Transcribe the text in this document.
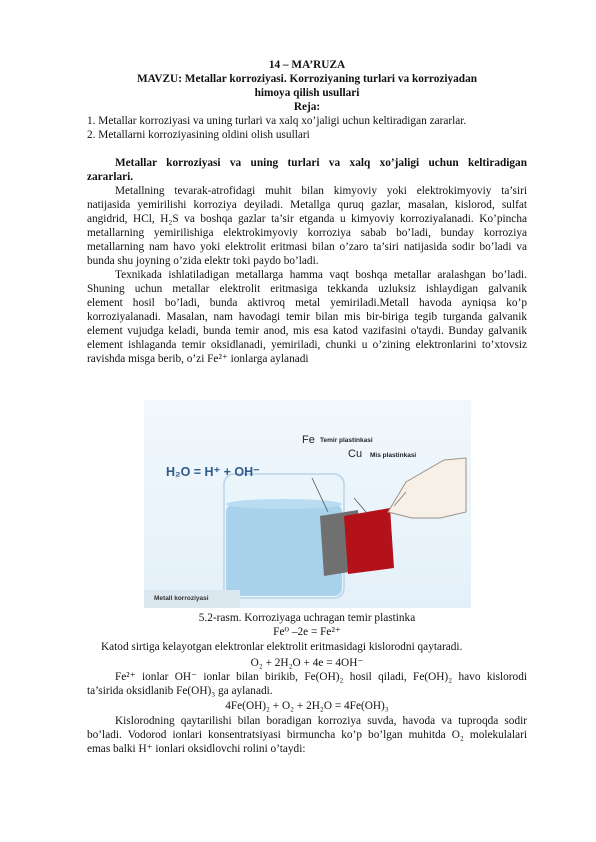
14 – MA’RUZA
MAVZU: Metallar korroziyasi. Korroziyaning turlari va korroziyadan
himoya qilish usullari
Reja:
1. Metallar korroziyasi va uning turlari va xalq xo’jaligi uchun keltiradigan zararlar.
2. Metallarni korroziyasining oldini olish usullari
Metallar korroziyasi va uning turlari va xalq xo’jaligi uchun keltiradigan
zararlari.
Metallning tevarak-atrofidagi muhit bilan kimyoviy yoki elektrokimyoviy ta’siri
natijasida yemirilishi korroziya deyiladi. Metallga quruq gazlar, masalan, kislorod, sulfat
angidrid, HCl, H₂S va boshqa gazlar ta’sir etganda u kimyoviy korroziyalanadi. Ko’pincha
metallarning yemirilishiga elektrokimyoviy korroziya sabab bo’ladi, bunday korroziya
metallarning nam havo yoki elektrolit eritmasi bilan o’zaro ta’siri natijasida sodir bo’ladi va
bunda shu joyning o’zida elektr toki paydo bo’ladi.
Texnikada ishlatiladigan metallarga hamma vaqt boshqa metallar aralashgan bo’ladi.
Shuning uchun metallar elektrolit eritmasiga tekkanda uzluksiz ishlaydigan galvanik
element hosil bo’ladi, bunda aktivroq metal yemiriladi.Metall havoda ayniqsa ko’p
korroziyalanadi. Masalan, nam havodagi temir bilan mis bir-biriga tegib turganda galvanik
element vujudga keladi, bunda temir anod, mis esa katod vazifasini o'taydi. Bunday galvanik
element ishlaganda temir oksidlanadi, yemiriladi, chunki u o’zining elektronlarini to’xtovsiz
ravishda misga berib, o’zi Fe²⁺ ionlarga aylanadi
H₂O = H⁺ + OH⁻
Fe Temir plastinkasi
Cu Mis plastinkasi
Metall korroziyasi
5.2-rasm. Korroziyaga uchragan temir plastinka
Fe⁰ –2e = Fe²⁺
Katod sirtiga kelayotgan elektronlar elektrolit eritmasidagi kislorodni qaytaradi.
O₂ + 2H₂O + 4e = 4OH⁻
Fe²⁺ ionlar OH⁻ ionlar bilan birikib, Fe(OH)₂ hosil qiladi, Fe(OH)₂ havo kislorodi
ta’sirida oksidlanib Fe(OH)₃ ga aylanadi.
4Fe(OH)₂ + O₂ + 2H₂O = 4Fe(OH)₃
Kislorodning qaytarilishi bilan boradigan korroziya suvda, havoda va tuproqda sodir
bo’ladi. Vodorod ionlari konsentratsiyasi birmuncha ko’p bo’lgan muhitda O₂ molekulalari
emas balki H⁺ ionlari oksidlovchi rolini o’taydi:
